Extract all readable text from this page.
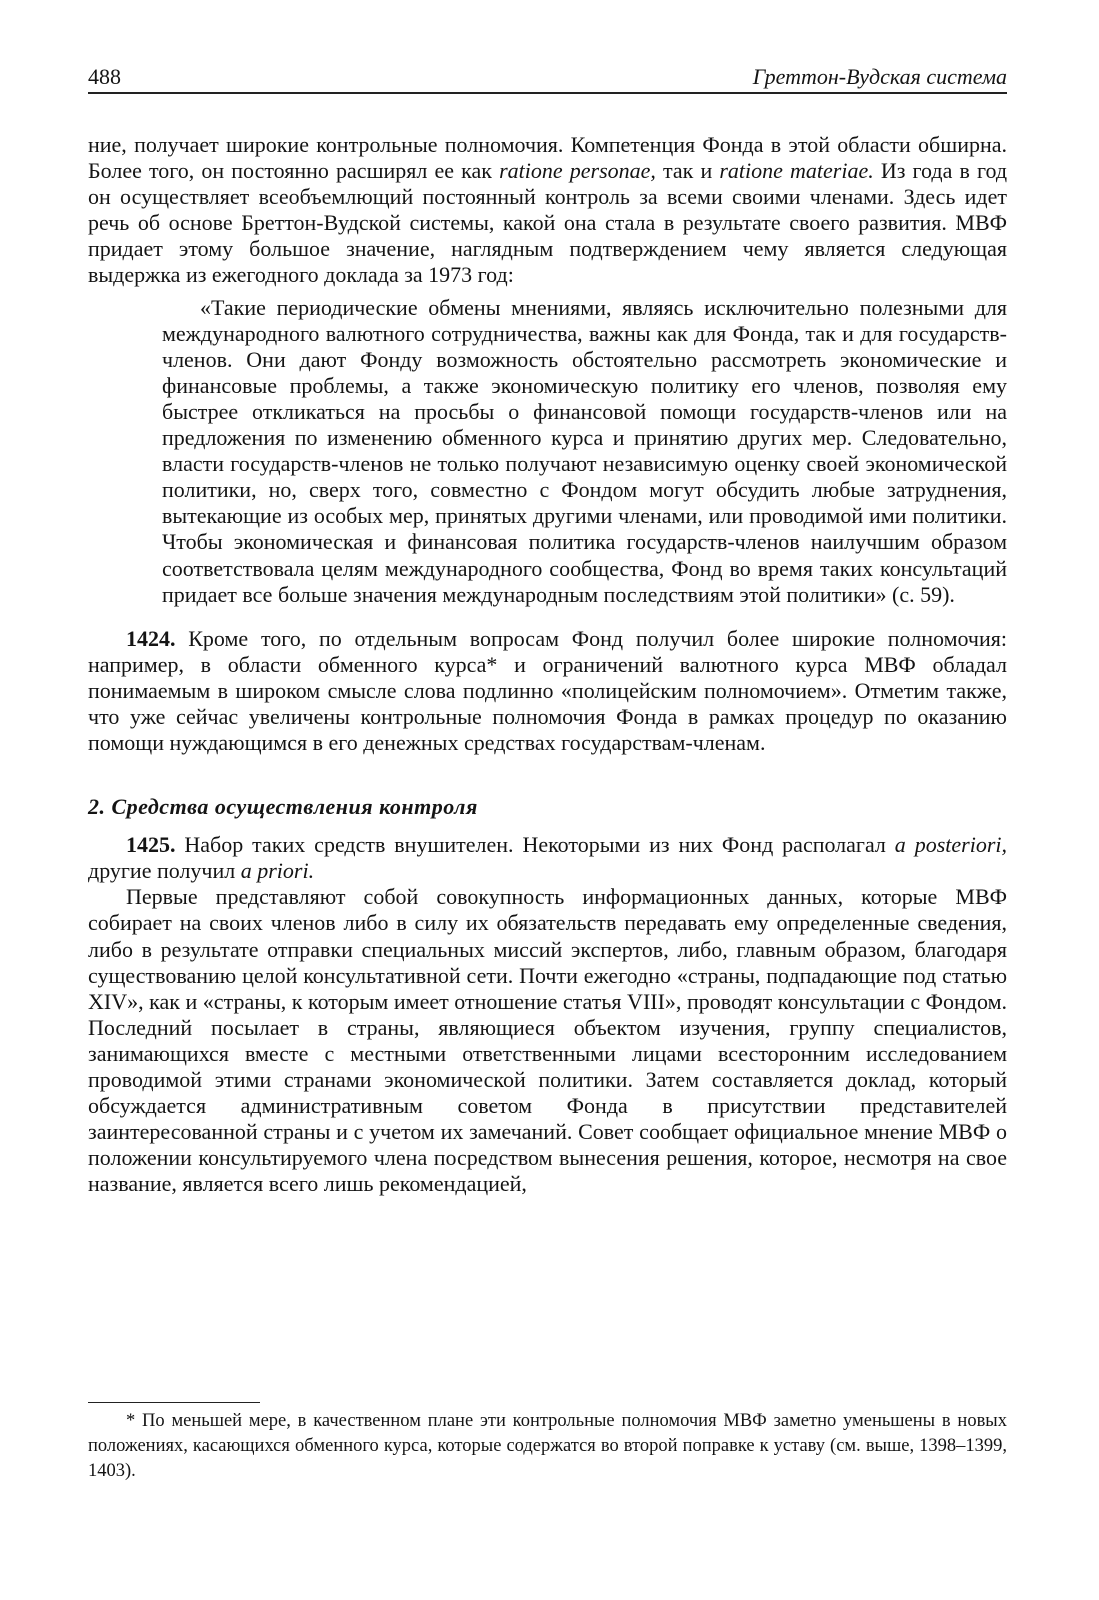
488	Греттон-Вудская система

ние, получает широкие контрольные полномочия. Компетенция Фонда в этой области обширна. Более того, он постоянно расширял ее как ratione personae, так и ratione materiae. Из года в год он осуществляет всеобъемлющий постоянный контроль за всеми своими членами. Здесь идет речь об основе Бреттон-Вудской системы, какой она стала в результате своего развития. МВФ придает этому большое значение, наглядным подтверждением чему является следующая выдержка из ежегодного доклада за 1973 год:

«Такие периодические обмены мнениями, являясь исключительно полезными для международного валютного сотрудничества, важны как для Фонда, так и для государств-членов. Они дают Фонду возможность обстоятельно рассмотреть экономические и финансовые проблемы, а также экономическую политику его членов, позволяя ему быстрее откликаться на просьбы о финансовой помощи государств-членов или на предложения по изменению обменного курса и принятию других мер. Следовательно, власти государств-членов не только получают независимую оценку своей экономической политики, но, сверх того, совместно с Фондом могут обсудить любые затруднения, вытекающие из особых мер, принятых другими членами, или проводимой ими политики. Чтобы экономическая и финансовая политика государств-членов наилучшим образом соответствовала целям международного сообщества, Фонд во время таких консультаций придает все больше значения международным последствиям этой политики» (с. 59).

1424. Кроме того, по отдельным вопросам Фонд получил более широкие полномочия: например, в области обменного курса* и ограничений валютного курса МВФ обладал понимаемым в широком смысле слова подлинно «полицейским полномочием». Отметим также, что уже сейчас увеличены контрольные полномочия Фонда в рамках процедур по оказанию помощи нуждающимся в его денежных средствах государствам-членам.

2. Средства осуществления контроля

1425. Набор таких средств внушителен. Некоторыми из них Фонд располагал a posteriori, другие получил a priori.

Первые представляют собой совокупность информационных данных, которые МВФ собирает на своих членов либо в силу их обязательств передавать ему определенные сведения, либо в результате отправки специальных миссий экспертов, либо, главным образом, благодаря существованию целой консультативной сети. Почти ежегодно «страны, подпадающие под статью XIV», как и «страны, к которым имеет отношение статья VIII», проводят консультации с Фондом. Последний посылает в страны, являющиеся объектом изучения, группу специалистов, занимающихся вместе с местными ответственными лицами всесторонним исследованием проводимой этими странами экономической политики. Затем составляется доклад, который обсуждается административным советом Фонда в присутствии представителей заинтересованной страны и с учетом их замечаний. Совет сообщает официальное мнение МВФ о положении консультируемого члена посредством вынесения решения, которое, несмотря на свое название, является всего лишь рекомендацией,

* По меньшей мере, в качественном плане эти контрольные полномочия МВФ заметно уменьшены в новых положениях, касающихся обменного курса, которые содержатся во второй поправке к уставу (см. выше, 1398–1399, 1403).
